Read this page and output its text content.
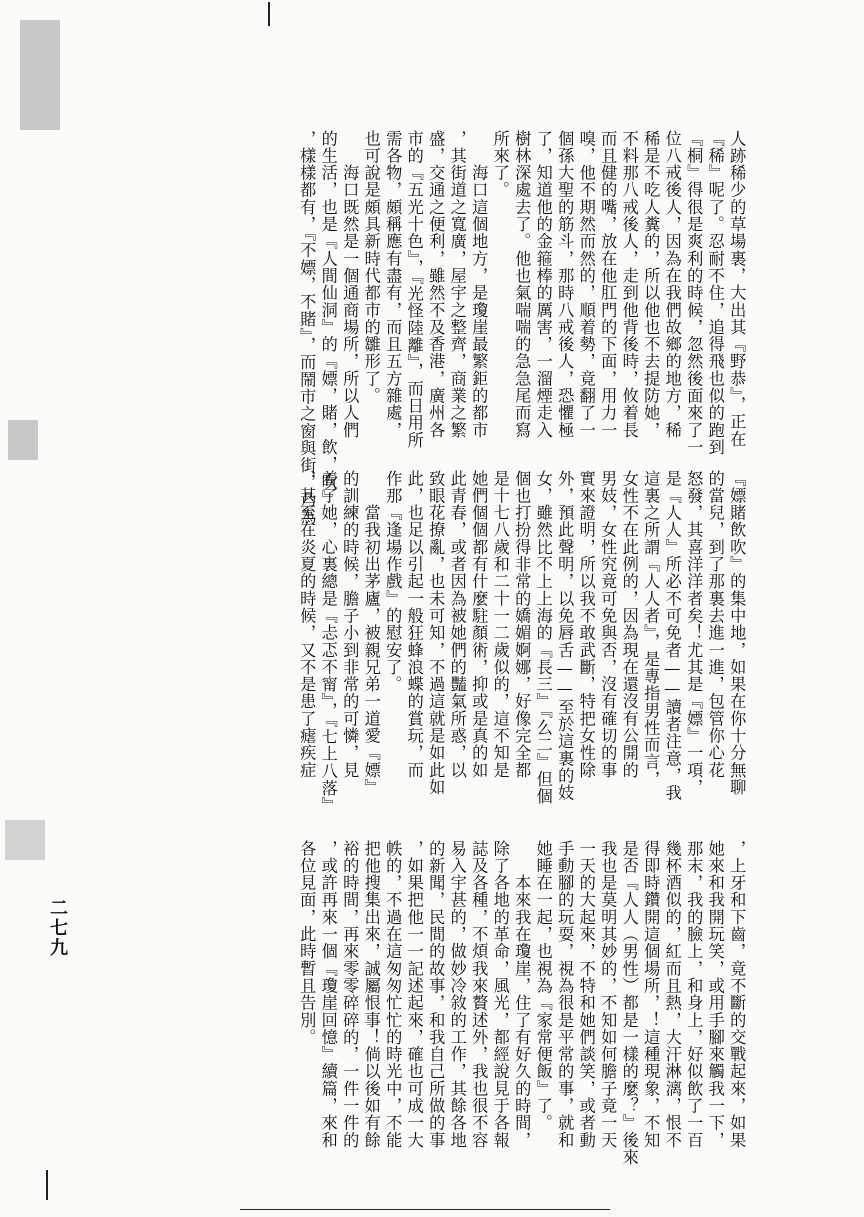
人跡稀少的草場裏，大出其『野恭』，正在
『稀』呢了。忍耐不住，追得飛也似的跑到
『桐』得很是爽利的時候，忽然後面來了一
位八戒後人，因為在我們故鄉的地方，稀
稀是不吃人糞的，所以他也不去提防她，
不料那八戒後人，走到他背後時，攸着長
而且健的嘴，放在他肛門的下面，用力一
嗅，他不期然而然的，順着勢，竟翻了一
個孫大聖的筋斗，那時八戒後人，恐懼極
了，知道他的金箍棒的厲害，一溜煙走入
樹林深處去了。他也氣喘喘的急急尾而寫
所來了。
　　海口這個地方，是瓊崖最繁鉅的都市
，其街道之寬廣，屋宇之整齊，商業之繁
盛，交通之便利，雖然不及香港，廣州各
市的『五光十色』，『光怪陸離』，而日用所
需各物，頗稱應有盡有，而且五方雜處，
也可說是頗具新時代都市的雛形了。
　　海口既然是一個通商場所，所以人們
的生活，也是『人間仙洞』的『嫖，賭，飲，吹』
，樣樣都有，『不嫖，不賭』，而鬧市之窗與街，乃為
『嫖賭飲吹』的集中地，如果在你十分無聊
的當兒，到了那裏去進一進，包管你心花
怒發，其喜洋洋者矣！尤其是『嫖』一項，
是『人人』所必不可免者——讀者注意，我
這裏之所謂『人人者』，是專指男性而言，
女性不在此例的，因為現在還沒有公開的
男妓，女性究竟可免與否，沒有確切的事
實來證明，所以我不敢武斷，特把女性除
外，預此聲明，以免唇舌——至於這裏的妓
女，雖然比不上上海的『長三』『么二』但個
個也打扮得非常的嬌媚婀娜，好像完全都
是十七八歲和二十一二歲似的，這不知是
她們個個都有什麼駐顏術，抑或是真的如
此青春，或者因為被她們的豔氣所惑，以
致眼花撩亂，也未可知，不過這就是如此如
此，也足以引起一般狂蜂浪蝶的賞玩，而
作那『逢場作戲』的慰安了。
　　當我初出茅廬，被親兄弟一道愛『嫖』
的訓練的時候，膽子小到非常的可憐，見
着了她，心裏總是『忐忑不甯』，『七上八落』
，甚至在炎夏的時候，又不是患了瘧疾症
，上牙和下齒，竟不斷的交戰起來，如果
她來和我開玩笑，或用手腳來觸我一下，
那末，我的臉上，和身上，好似飲了一百
幾杯酒似的，紅而且熱，大汗淋漓，恨不
得即時鑽開這個場所，！這種現象，不知
是否『人人（男性）都是一樣的麼？』後來
我也是莫明其妙的，不知如何膽子竟一天
一天的大起來，不特和她們談笑，或者動
手動腳的玩耍，視為很是平常的事，就和
她睡在一起，也視為『家常便飯』了。
　　本來我在瓊崖，住了有好久的時間，
除了各地的革命，風光，都經說見于各報
誌及各種，不煩我來贅述外，我也很不容
易入宇甚的，做妙冷敘的工作，其餘各地
的新聞，民間的故事，和我自己所做的事
，如果把他一一記述起來，確也可成一大
帙的，不過在這匆匆忙忙的時光中，不能
把他搜集出來，誠屬恨事！倘以後如有餘
裕的時間，再來零零碎碎的，一件一件的
，或許再來一個『瓊崖回憶』續篇，來和
各位見面，此時暫且告別。
二七九
